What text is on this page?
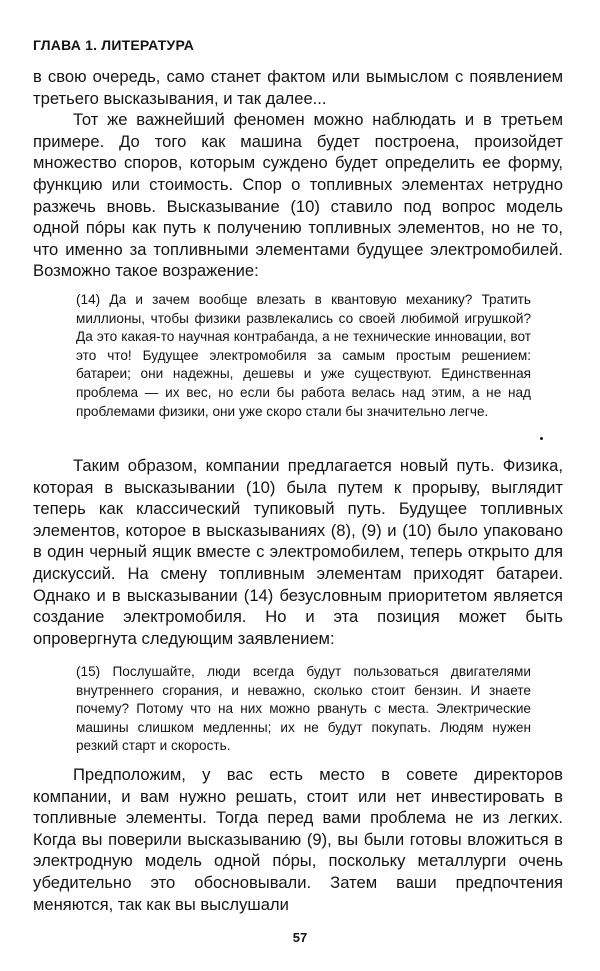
ГЛАВА 1. ЛИТЕРАТУРА

в свою очередь, само станет фактом или вымыслом с появлением третьего высказывания, и так далее...

Тот же важнейший феномен можно наблюдать и в третьем примере. До того как машина будет построена, произойдет множество споров, которым суждено будет определить ее форму, функцию или стоимость. Спор о топливных элементах нетрудно разжечь вновь. Высказывание (10) ставило под вопрос модель одной пóры как путь к получению топливных элементов, но не то, что именно за топливными элементами будущее электромобилей. Возможно такое возражение:

(14) Да и зачем вообще влезать в квантовую механику? Тратить миллионы, чтобы физики развлекались со своей любимой игрушкой? Да это какая-то научная контрабанда, а не технические инновации, вот это что! Будущее электромобиля за самым простым решением: батареи; они надежны, дешевы и уже существуют. Единственная проблема — их вес, но если бы работа велась над этим, а не над проблемами физики, они уже скоро стали бы значительно легче.

Таким образом, компании предлагается новый путь. Физика, которая в высказывании (10) была путем к прорыву, выглядит теперь как классический тупиковый путь. Будущее топливных элементов, которое в высказываниях (8), (9) и (10) было упаковано в один черный ящик вместе с электромобилем, теперь открыто для дискуссий. На смену топливным элементам приходят батареи. Однако и в высказывании (14) безусловным приоритетом является создание электромобиля. Но и эта позиция может быть опровергнута следующим заявлением:

(15) Послушайте, люди всегда будут пользоваться двигателями внутреннего сгорания, и неважно, сколько стоит бензин. И знаете почему? Потому что на них можно рвануть с места. Электрические машины слишком медленны; их не будут покупать. Людям нужен резкий старт и скорость.

Предположим, у вас есть место в совете директоров компании, и вам нужно решать, стоит или нет инвестировать в топливные элементы. Тогда перед вами проблема не из легких. Когда вы поверили высказыванию (9), вы были готовы вложиться в электродную модель одной пóры, поскольку металлурги очень убедительно это обосновывали. Затем ваши предпочтения меняются, так как вы выслушали

57
